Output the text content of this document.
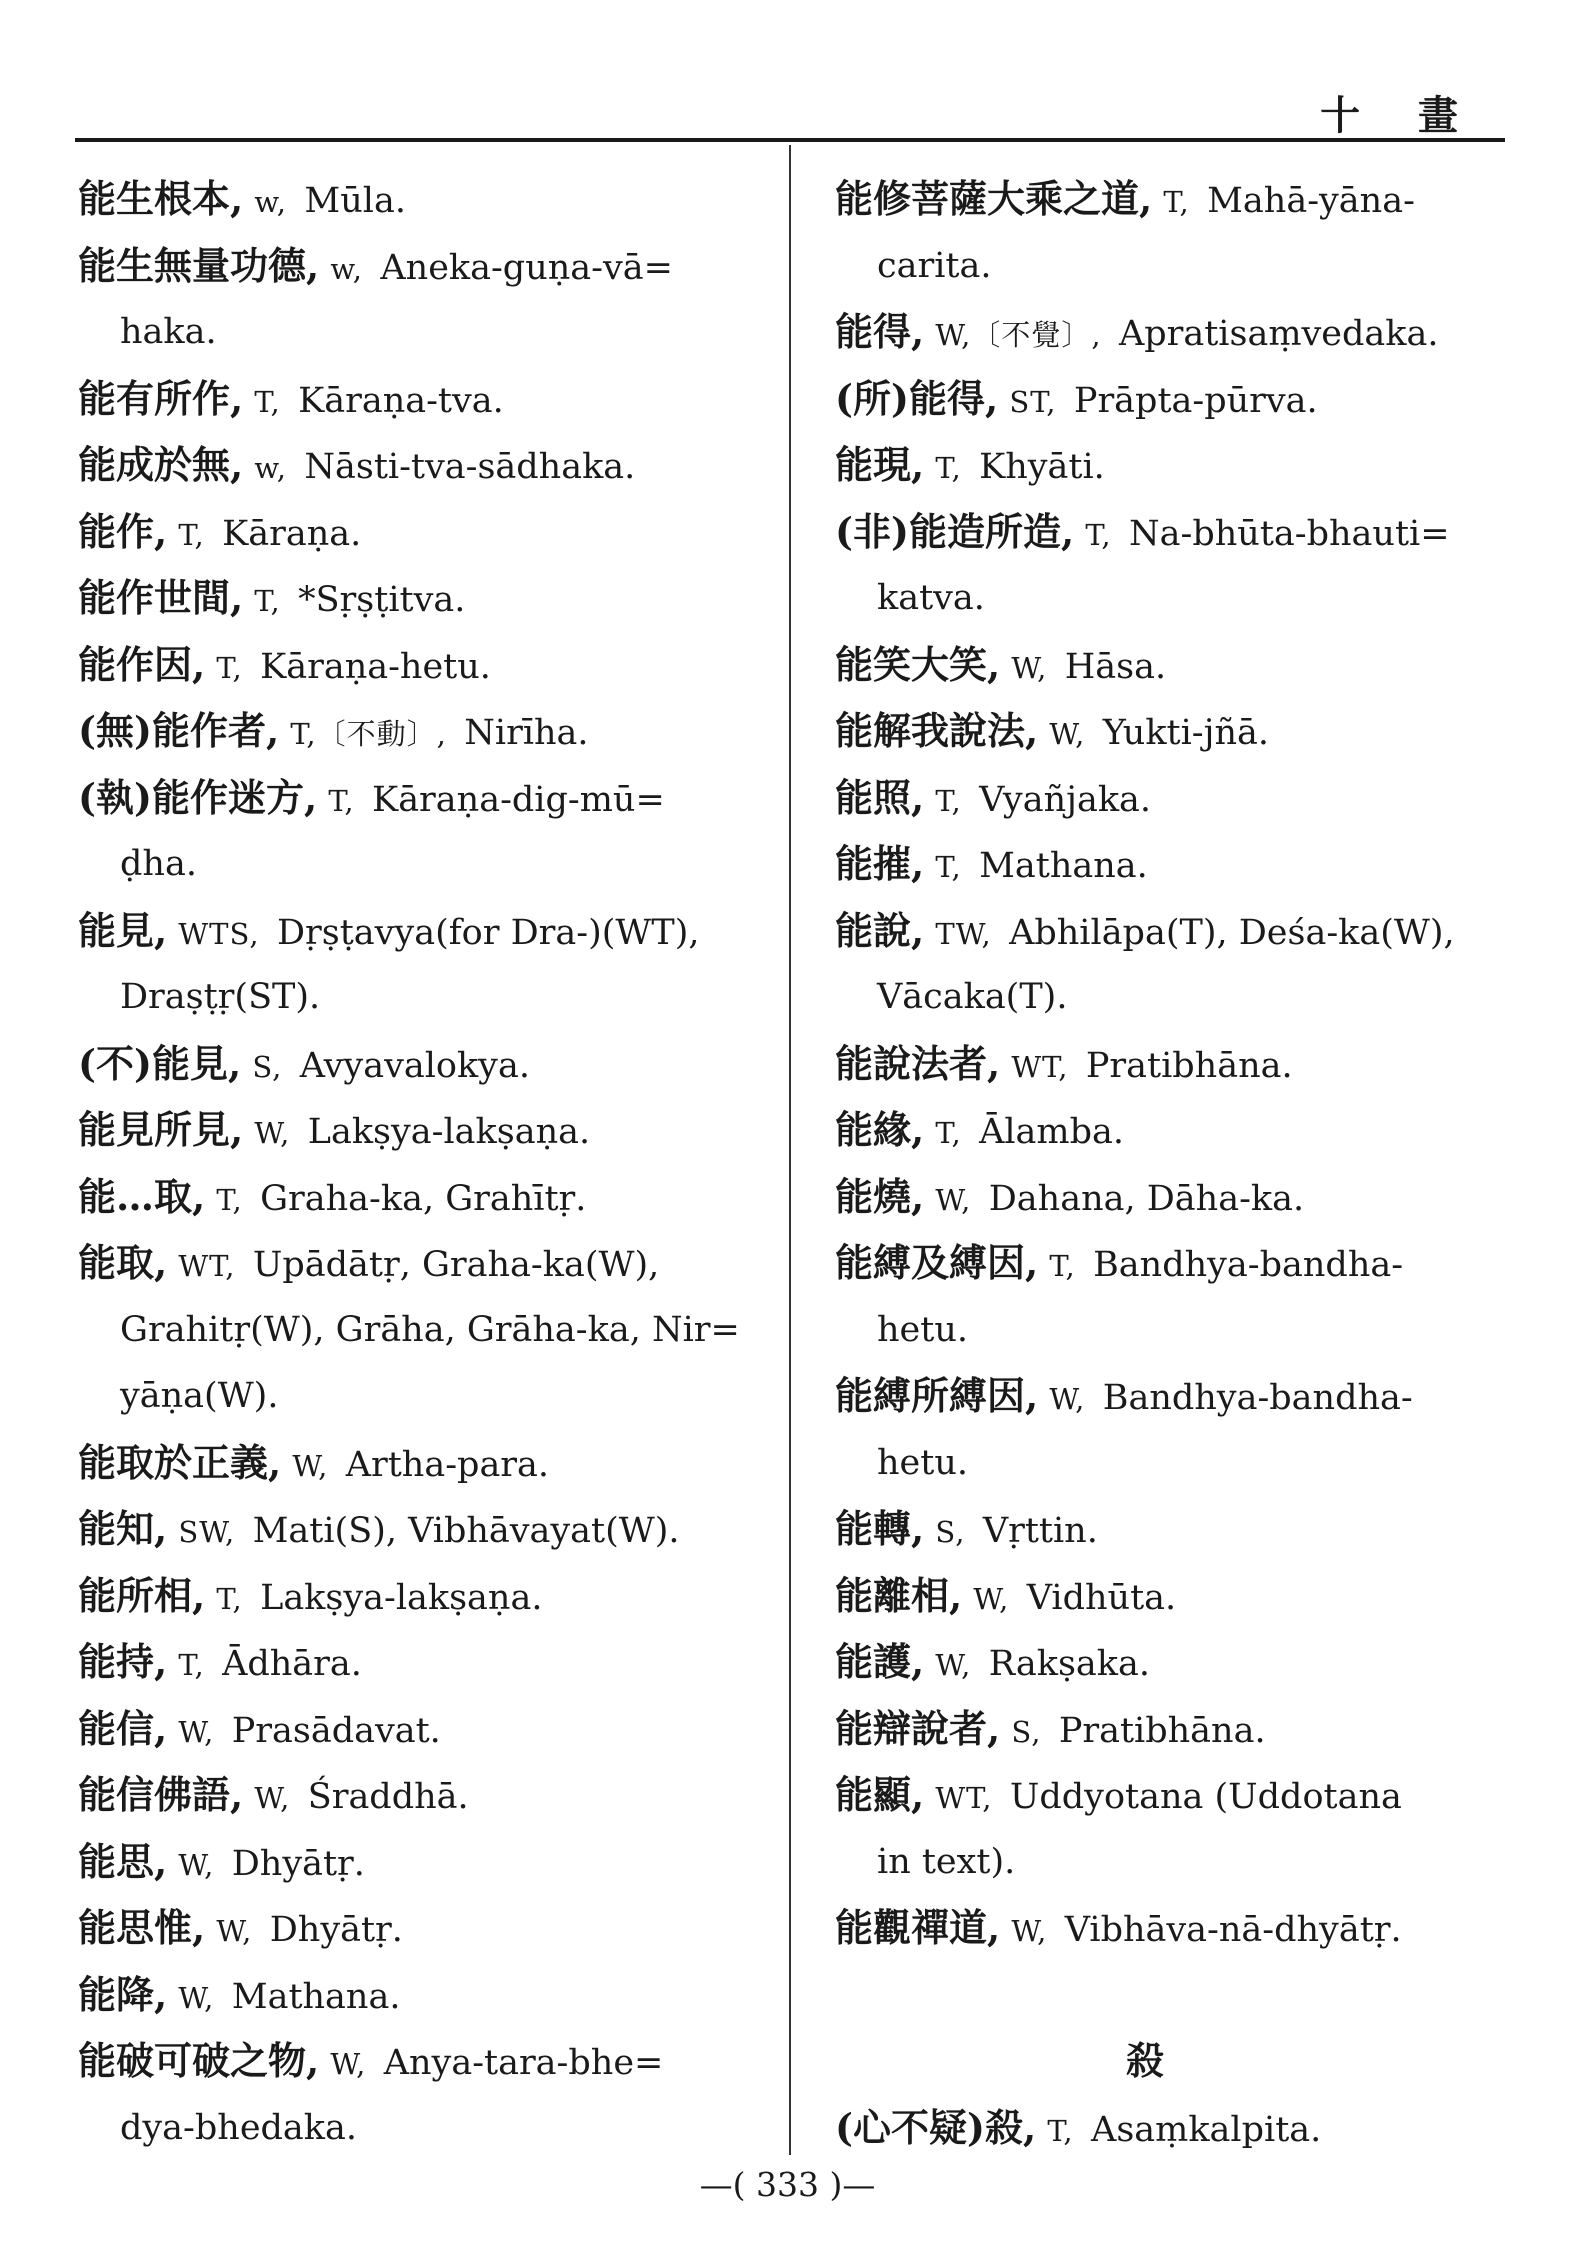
十 畫
能生根本, w, Mūla.
能生無量功德, w, Aneka-guṇa-vā=
haka.
能有所作, T, Kāraṇa-tva.
能成於無, w, Nāsti-tva-sādhaka.
能作, T, Kāraṇa.
能作世間, T, *Sṛṣṭitva.
能作因, T, Kāraṇa-hetu.
(無)能作者, T,〔不動〕, Nirīha.
(執)能作迷方, T, Kāraṇa-dig-mū=
ḍha.
能見, WTS, Dṛṣṭavya(for Dra-)(WT),
Draṣṭṛ(ST).
(不)能見, S, Avyavalokya.
能見所見, W, Lakṣya-lakṣaṇa.
能…取, T, Graha-ka, Grahītṛ.
能取, WT, Upādātṛ, Graha-ka(W),
Grahitṛ(W), Grāha, Grāha-ka, Nir=
yāṇa(W).
能取於正義, W, Artha-para.
能知, SW, Mati(S), Vibhāvayat(W).
能所相, T, Lakṣya-lakṣaṇa.
能持, T, Ādhāra.
能信, W, Prasādavat.
能信佛語, W, Śraddhā.
能思, W, Dhyātṛ.
能思惟, W, Dhyātṛ.
能降, W, Mathana.
能破可破之物, W, Anya-tara-bhe=
dya-bhedaka.
能修菩薩大乘之道, T, Mahā-yāna-
carita.
能得, W,〔不覺〕, Apratisaṃvedaka.
(所)能得, ST, Prāpta-pūrva.
能現, T, Khyāti.
(非)能造所造, T, Na-bhūta-bhauti=
katva.
能笑大笑, W, Hāsa.
能解我說法, W, Yukti-jñā.
能照, T, Vyañjaka.
能摧, T, Mathana.
能說, TW, Abhilāpa(T), Deśa-ka(W),
Vācaka(T).
能說法者, WT, Pratibhāna.
能緣, T, Ālamba.
能燒, W, Dahana, Dāha-ka.
能縛及縛因, T, Bandhya-bandha-
hetu.
能縛所縛因, W, Bandhya-bandha-
hetu.
能轉, S, Vṛttin.
能離相, W, Vidhūta.
能護, W, Rakṣaka.
能辯說者, S, Pratibhāna.
能顯, WT, Uddyotana (Uddotana
in text).
能觀禪道, W, Vibhāva-nā-dhyātṛ.
殺
(心不疑)殺, T, Asaṃkalpita.
—( 333 )—
